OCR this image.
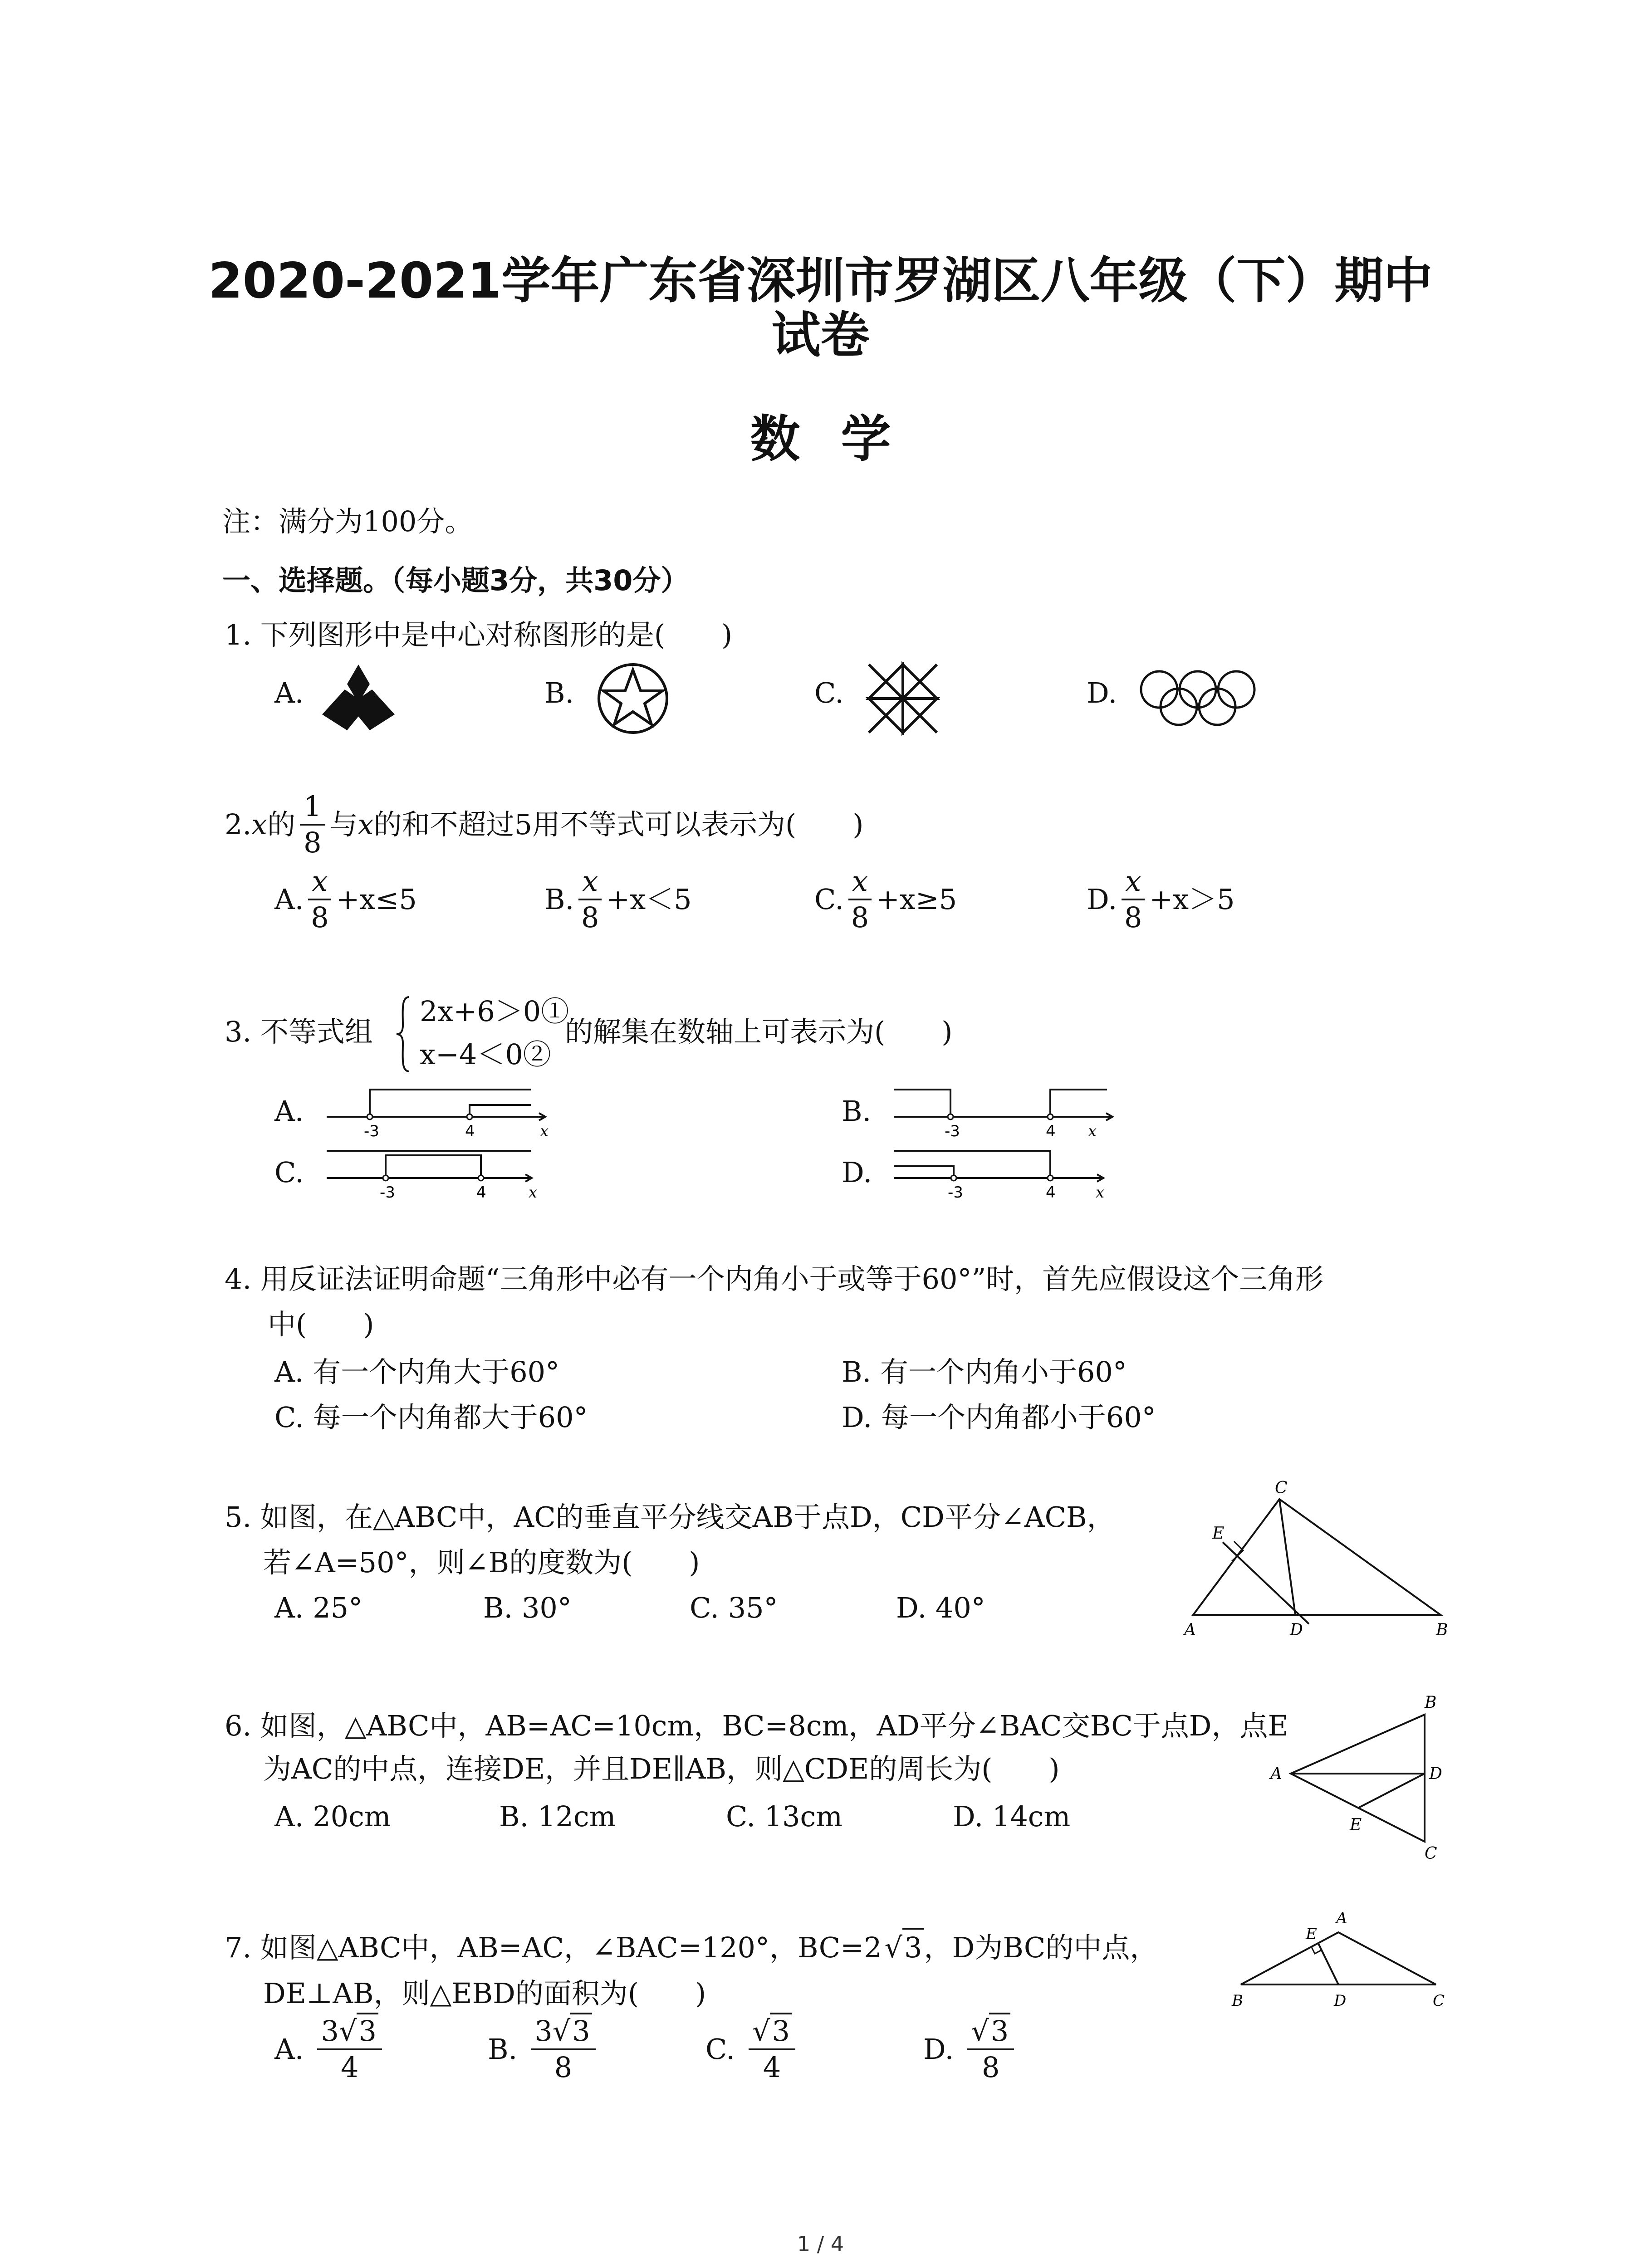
2020-2021学年广东省深圳市罗湖区八年级（下）期中
试卷
数学
注：满分为100分。
一、选择题。（每小题3分，共30分）
1. 下列图形中是中心对称图形的是(　　)
A.	B.	C.	D.
2. x 的 $\frac{1}{8}$ 与 x 的和不超过5用不等式可以表示为(　　)
A. $\frac{x}{8} +x\le 5$	B. $\frac{x}{8} +x<5$	C. $\frac{x}{8} +x\ge 5$	D. $\frac{x}{8} +x>5$
3. 不等式组
2x+6＞0①
x−4＜0②
的解集在数轴上可表示为(　　)
A.	B.
C.	D.
-3	4	x	-3	4 x
-3	4	x	-3	4	x
4. 用反证法证明命题“三角形中必有一个内角小于或等于60°”时，首先应假设这个三角形
中(　　)
A. 有一个内角大于60°	B. 有一个内角小于60°
C. 每一个内角都大于60°	D. 每一个内角都小于60°
5. 如图，在△ABC中，AC的垂直平分线交AB于点D，CD平分∠ACB，
若∠A=50°，则∠B的度数为(　　)
A. 25°	B. 30°	C. 35°	D. 40°
A
C
D	B
E
6. 如图，△ABC中，AB=AC=10cm，BC=8cm，AD平分∠BAC交BC于点D，点E
为AC的中点，连接DE，并且DE∥AB，则△CDE的周长为(　　)
A. 20cm	B. 12cm	C. 13cm	D. 14cm
A
B
D
E
C
7. 如图△ABC中，AB=AC，∠BAC=120°，BC=2 √ 3 ，D为BC的中点，
DE⊥AB，则△EBD的面积为(　　)
A. $\frac{3√3}{4}$	B. $\frac{3√3}{8}$	C. $\frac{√3}{4}$	D. $\frac{√3}{8}$
B	D	C
A
E
1 / 4
